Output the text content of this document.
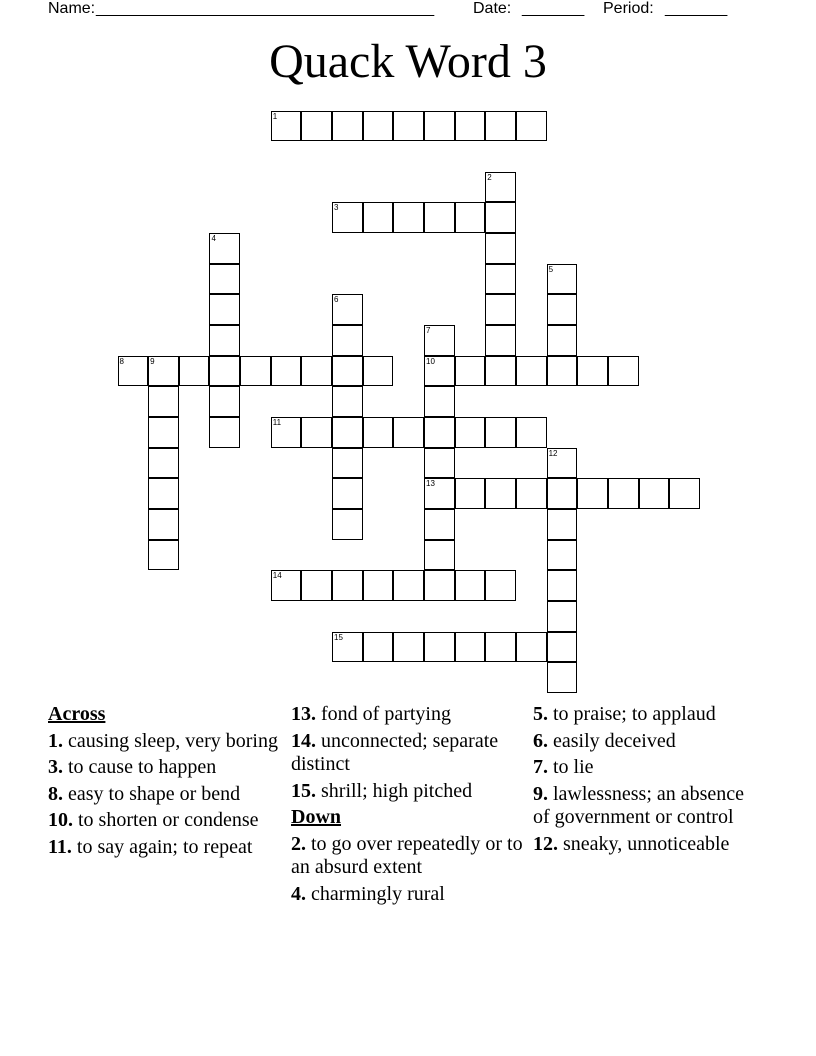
Name: ______________________________________ Date: _______ Period: _______
Quack Word 3
1
2
3
4
5
6
7
10
13
8	9
11
12
14
15
Across
1. causing sleep, very boring
3. to cause to happen
8. easy to shape or bend
10. to shorten or condense
11. to say again; to repeat
13. fond of partying
14. unconnected; separate distinct
15. shrill; high pitched
Down
2. to go over repeatedly or to an absurd extent
4. charmingly rural
5. to praise; to applaud
6. easily deceived
7. to lie
9. lawlessness; an absence of government or control
12. sneaky, unnoticeable
